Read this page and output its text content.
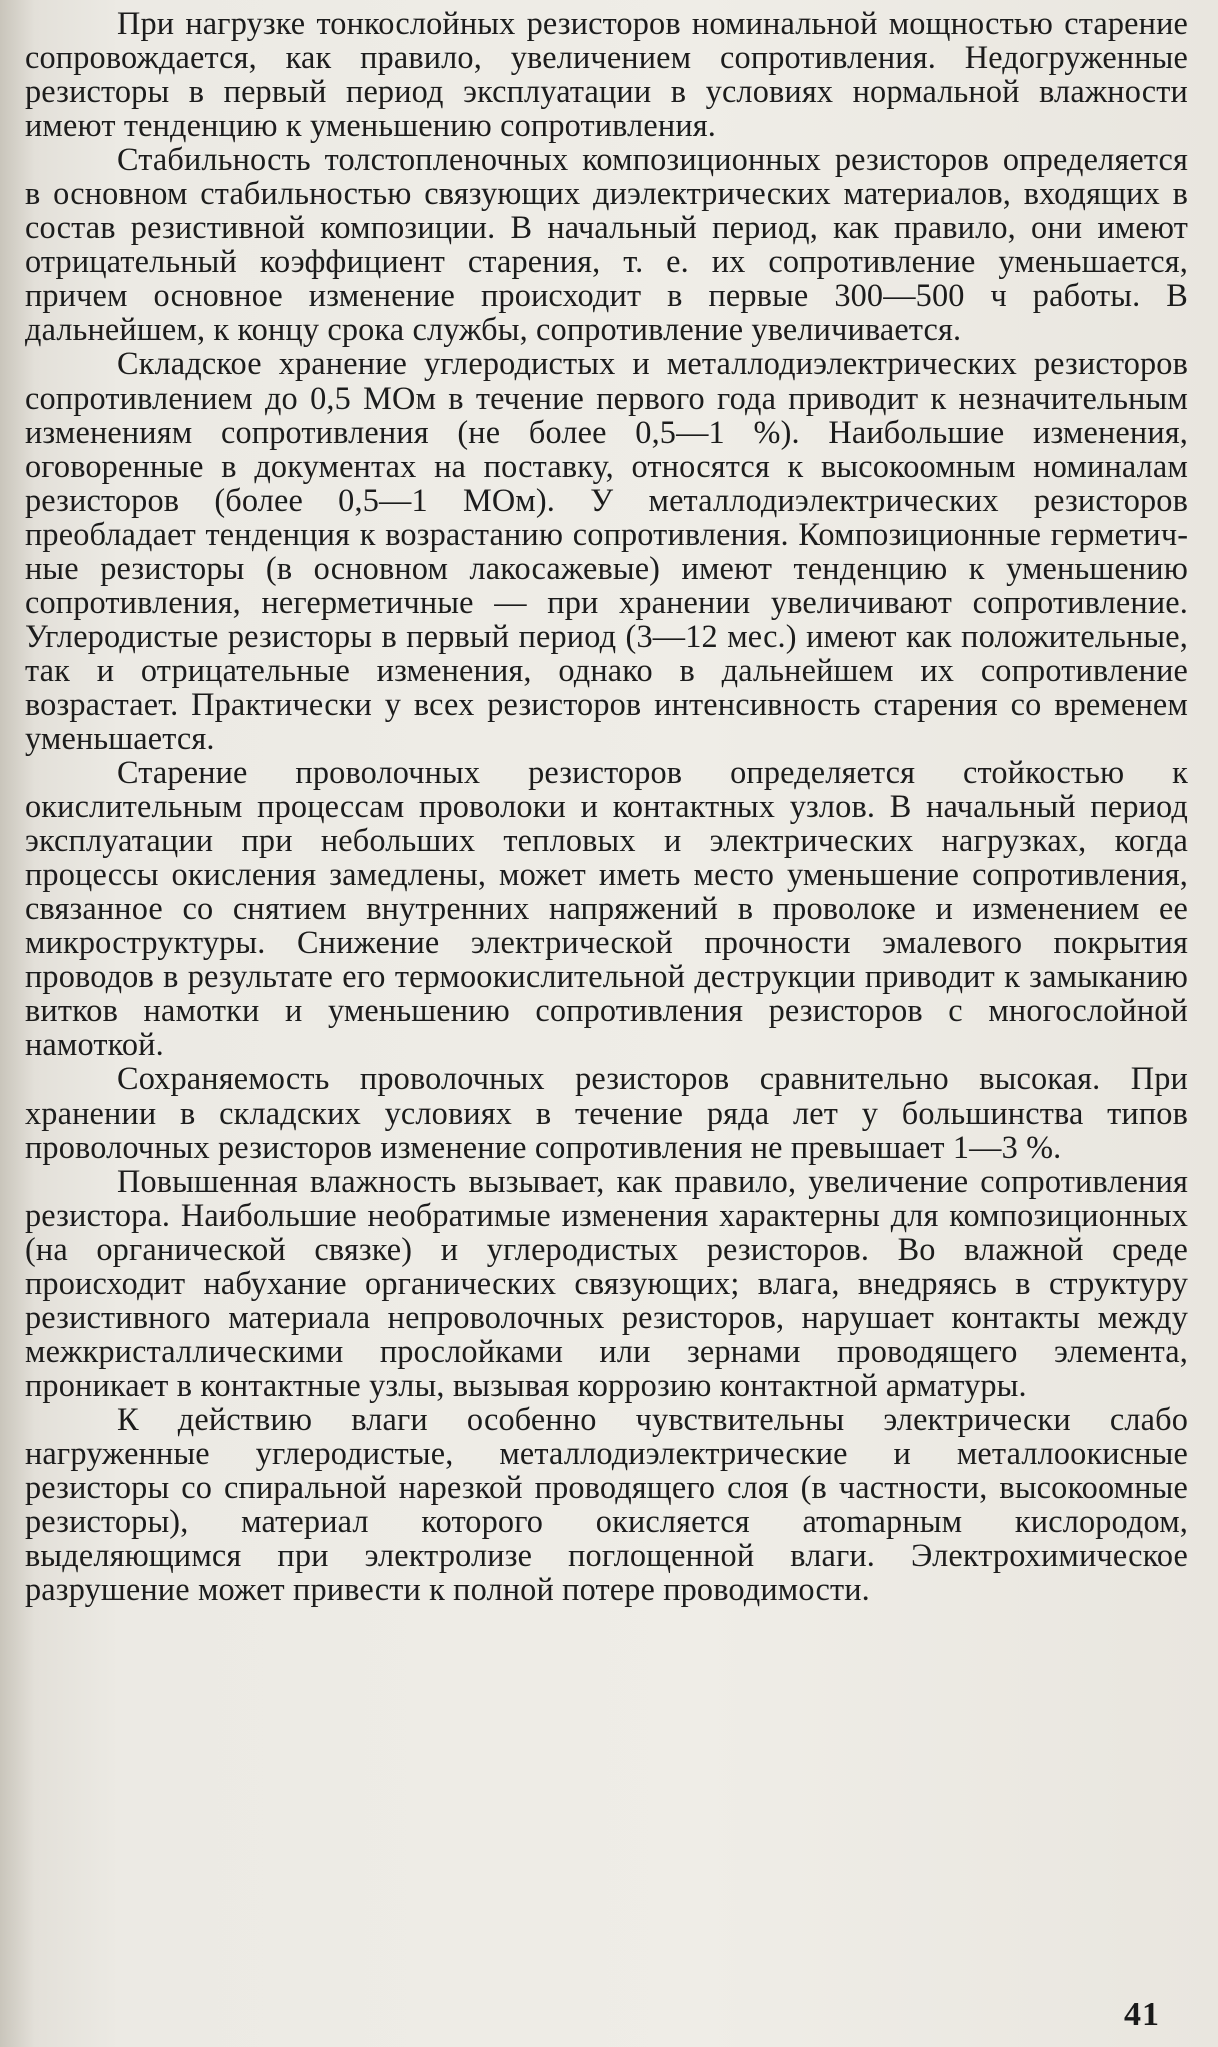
При нагрузке тонкослойных резисторов номинальной мощностью старение сопровождается, как правило, увеличением сопротивления. Недогруженные резисторы в первый период эксплуатации в условиях нормальной влажности имеют тенденцию к уменьшению сопротивления.

Стабильность толстопленочных композиционных резисторов определяется в основном стабильностью связующих диэлектрических материалов, входящих в состав резистивной композиции. В начальный период, как правило, они имеют отрицательный коэффициент старения, т. е. их сопротивление уменьшается, причем основное изменение происходит в первые 300—500 ч работы. В дальнейшем, к концу срока службы, сопротивление увеличивается.

Складское хранение углеродистых и металлодиэлектрических резисторов сопротивлением до 0,5 МОм в течение первого года приводит к незначительным изменениям сопротивления (не более 0,5—1 %). Наибольшие изменения, оговоренные в документах на поставку, относятся к высокоомным номиналам резисторов (более 0,5—1 МОм). У металлодиэлектрических резисторов преобладает тенденция к возрастанию сопротивления. Композиционные герметичные резисторы (в основном лакосажевые) имеют тенденцию к уменьшению сопротивления, негерметичные — при хранении увеличивают сопротивление. Углеродистые резисторы в первый период (3—12 мес.) имеют как положительные, так и отрицательные изменения, однако в дальнейшем их сопротивление возрастает. Практически у всех резисторов интенсивность старения со временем уменьшается.

Старение проволочных резисторов определяется стойкостью к окислительным процессам проволоки и контактных узлов. В начальный период эксплуатации при небольших тепловых и электрических нагрузках, когда процессы окисления замедлены, может иметь место уменьшение сопротивления, связанное со снятием внутренних напряжений в проволоке и изменением ее микроструктуры. Снижение электрической прочности эмалевого покрытия проводов в результате его термоокислительной деструкции приводит к замыканию витков намотки и уменьшению сопротивления резисторов с многослойной намоткой.

Сохраняемость проволочных резисторов сравнительно высокая. При хранении в складских условиях в течение ряда лет у большинства типов проволочных резисторов изменение сопротивления не превышает 1—3 %.

Повышенная влажность вызывает, как правило, увеличение сопротивления резистора. Наибольшие необратимые изменения характерны для композиционных (на органической связке) и углеродистых резисторов. Во влажной среде происходит набухание органических связующих; влага, внедряясь в структуру резистивного материала непроволочных резисторов, нарушает контакты между межкристаллическими прослойками или зернами проводящего элемента, проникает в контактные узлы, вызывая коррозию контактной арматуры.

К действию влаги особенно чувствительны электрически слабо нагруженные углеродистые, металлодиэлектрические и металлоокисные резисторы со спиральной нарезкой проводящего слоя (в частности, высокоомные резисторы), материал которого окисляется атоmарным кислородом, выделяющимся при электролизе поглощенной влаги. Электрохимическое разрушение может привести к полной потере проводимости.

41
